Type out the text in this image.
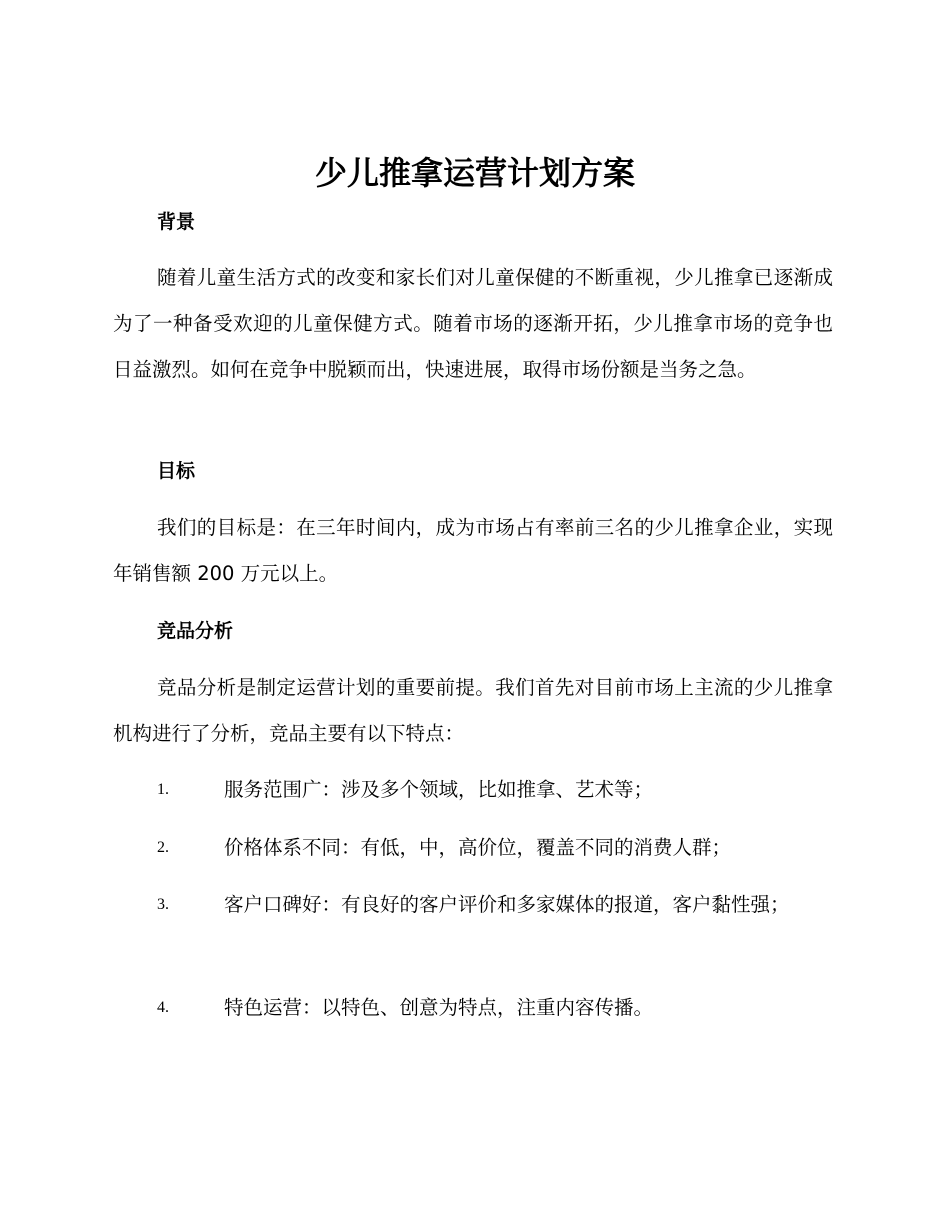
少儿推拿运营计划方案
背景

随着儿童生活方式的改变和家长们对儿童保健的不断重视，少儿推拿已逐渐成为了一种备受欢迎的儿童保健方式。随着市场的逐渐开拓，少儿推拿市场的竞争也日益激烈。如何在竞争中脱颖而出，快速进展，取得市场份额是当务之急。

目标

我们的目标是：在三年时间内，成为市场占有率前三名的少儿推拿企业，实现年销售额 200 万元以上。

竞品分析

竞品分析是制定运营计划的重要前提。我们首先对目前市场上主流的少儿推拿机构进行了分析，竞品主要有以下特点：

1.	服务范围广：涉及多个领域，比如推拿、艺术等；
2.	价格体系不同：有低，中，高价位，覆盖不同的消费人群；
3.	客户口碑好：有良好的客户评价和多家媒体的报道，客户黏性强；
4.	特色运营：以特色、创意为特点，注重内容传播。
